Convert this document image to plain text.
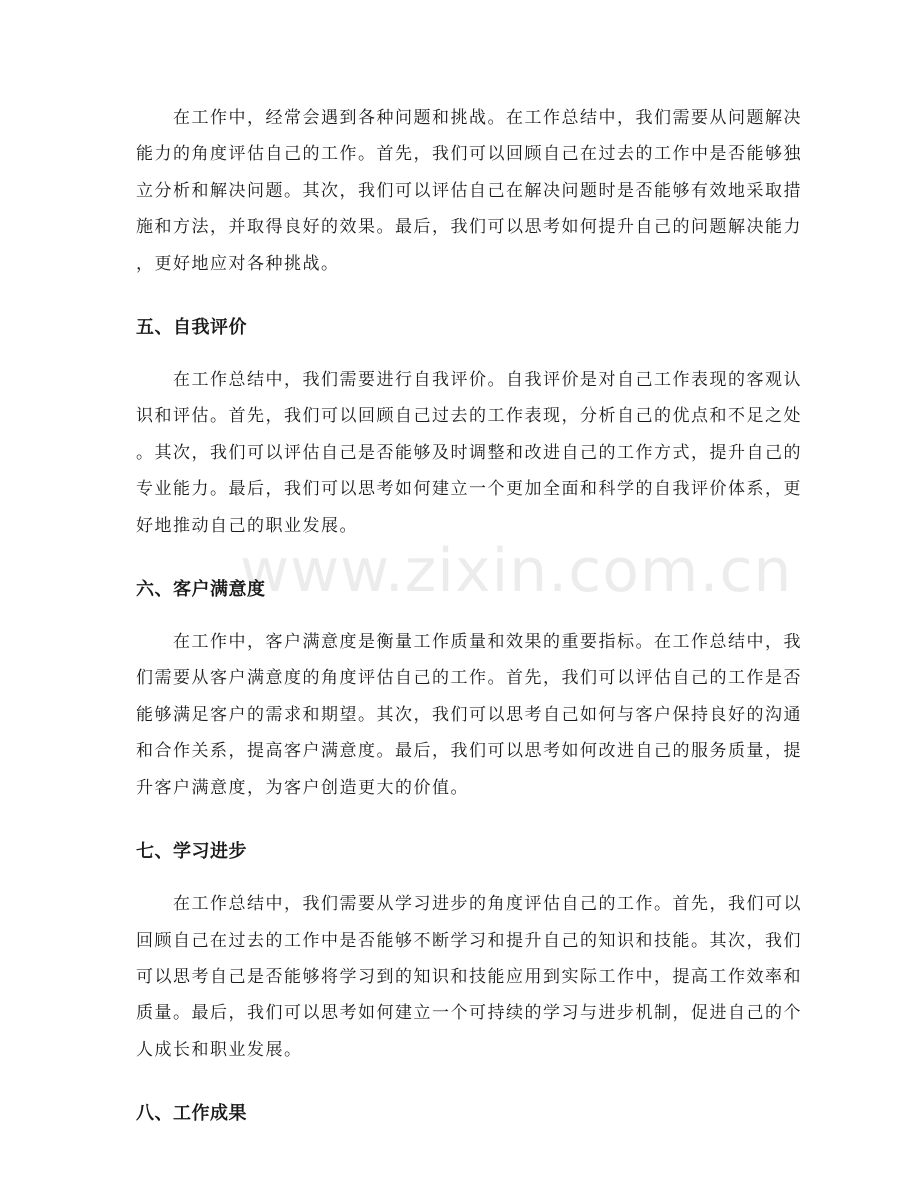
www.zixin.com.cn

　　在工作中，经常会遇到各种问题和挑战。在工作总结中，我们需要从问题解决
能力的角度评估自己的工作。首先，我们可以回顾自己在过去的工作中是否能够独
立分析和解决问题。其次，我们可以评估自己在解决问题时是否能够有效地采取措
施和方法，并取得良好的效果。最后，我们可以思考如何提升自己的问题解决能力
，更好地应对各种挑战。

五、自我评价

　　在工作总结中，我们需要进行自我评价。自我评价是对自己工作表现的客观认
识和评估。首先，我们可以回顾自己过去的工作表现，分析自己的优点和不足之处
。其次，我们可以评估自己是否能够及时调整和改进自己的工作方式，提升自己的
专业能力。最后，我们可以思考如何建立一个更加全面和科学的自我评价体系，更
好地推动自己的职业发展。

六、客户满意度

　　在工作中，客户满意度是衡量工作质量和效果的重要指标。在工作总结中，我
们需要从客户满意度的角度评估自己的工作。首先，我们可以评估自己的工作是否
能够满足客户的需求和期望。其次，我们可以思考自己如何与客户保持良好的沟通
和合作关系，提高客户满意度。最后，我们可以思考如何改进自己的服务质量，提
升客户满意度，为客户创造更大的价值。

七、学习进步

　　在工作总结中，我们需要从学习进步的角度评估自己的工作。首先，我们可以
回顾自己在过去的工作中是否能够不断学习和提升自己的知识和技能。其次，我们
可以思考自己是否能够将学习到的知识和技能应用到实际工作中，提高工作效率和
质量。最后，我们可以思考如何建立一个可持续的学习与进步机制，促进自己的个
人成长和职业发展。

八、工作成果
